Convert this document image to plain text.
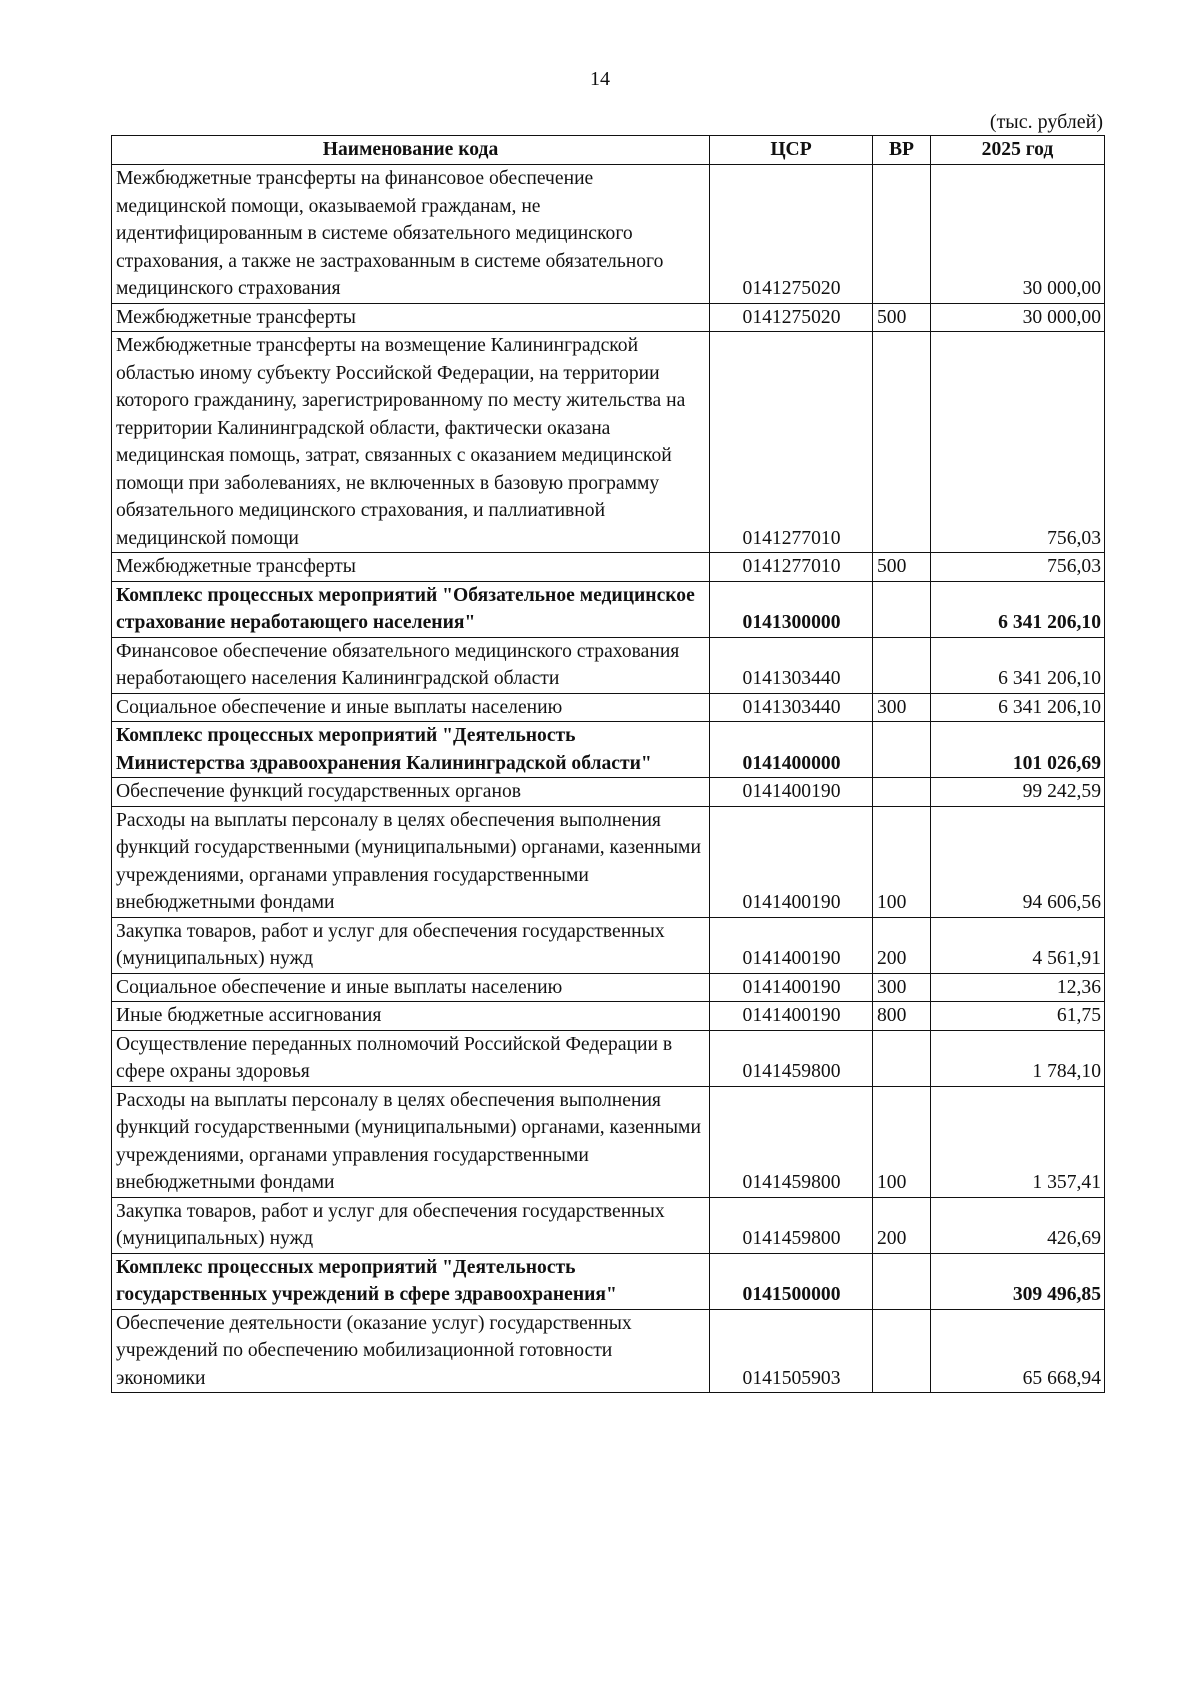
14
(тыс. рублей)
Наименование кода	ЦСР	ВР	2025 год
Межбюджетные трансферты на финансовое обеспечение медицинской помощи, оказываемой гражданам, не идентифицированным в системе обязательного медицинского страхования, а также не застрахованным в системе обязательного медицинского страхования	0141275020		30 000,00
Межбюджетные трансферты	0141275020	500	30 000,00
Межбюджетные трансферты на возмещение Калининградской областью иному субъекту Российской Федерации, на территории которого гражданину, зарегистрированному по месту жительства на территории Калининградской области, фактически оказана медицинская помощь, затрат, связанных с оказанием медицинской помощи при заболеваниях, не включенных в базовую программу обязательного медицинского страхования, и паллиативной медицинской помощи	0141277010		756,03
Межбюджетные трансферты	0141277010	500	756,03
Комплекс процессных мероприятий "Обязательное медицинское страхование неработающего населения"	0141300000		6 341 206,10
Финансовое обеспечение обязательного медицинского страхования неработающего населения Калининградской области	0141303440		6 341 206,10
Социальное обеспечение и иные выплаты населению	0141303440	300	6 341 206,10
Комплекс процессных мероприятий "Деятельность Министерства здравоохранения Калининградской области"	0141400000		101 026,69
Обеспечение функций государственных органов	0141400190		99 242,59
Расходы на выплаты персоналу в целях обеспечения выполнения функций государственными (муниципальными) органами, казенными учреждениями, органами управления государственными внебюджетными фондами	0141400190	100	94 606,56
Закупка товаров, работ и услуг для обеспечения государственных (муниципальных) нужд	0141400190	200	4 561,91
Социальное обеспечение и иные выплаты населению	0141400190	300	12,36
Иные бюджетные ассигнования	0141400190	800	61,75
Осуществление переданных полномочий Российской Федерации в сфере охраны здоровья	0141459800		1 784,10
Расходы на выплаты персоналу в целях обеспечения выполнения функций государственными (муниципальными) органами, казенными учреждениями, органами управления государственными внебюджетными фондами	0141459800	100	1 357,41
Закупка товаров, работ и услуг для обеспечения государственных (муниципальных) нужд	0141459800	200	426,69
Комплекс процессных мероприятий "Деятельность государственных учреждений в сфере здравоохранения"	0141500000		309 496,85
Обеспечение деятельности (оказание услуг) государственных учреждений по обеспечению мобилизационной готовности экономики	0141505903		65 668,94
